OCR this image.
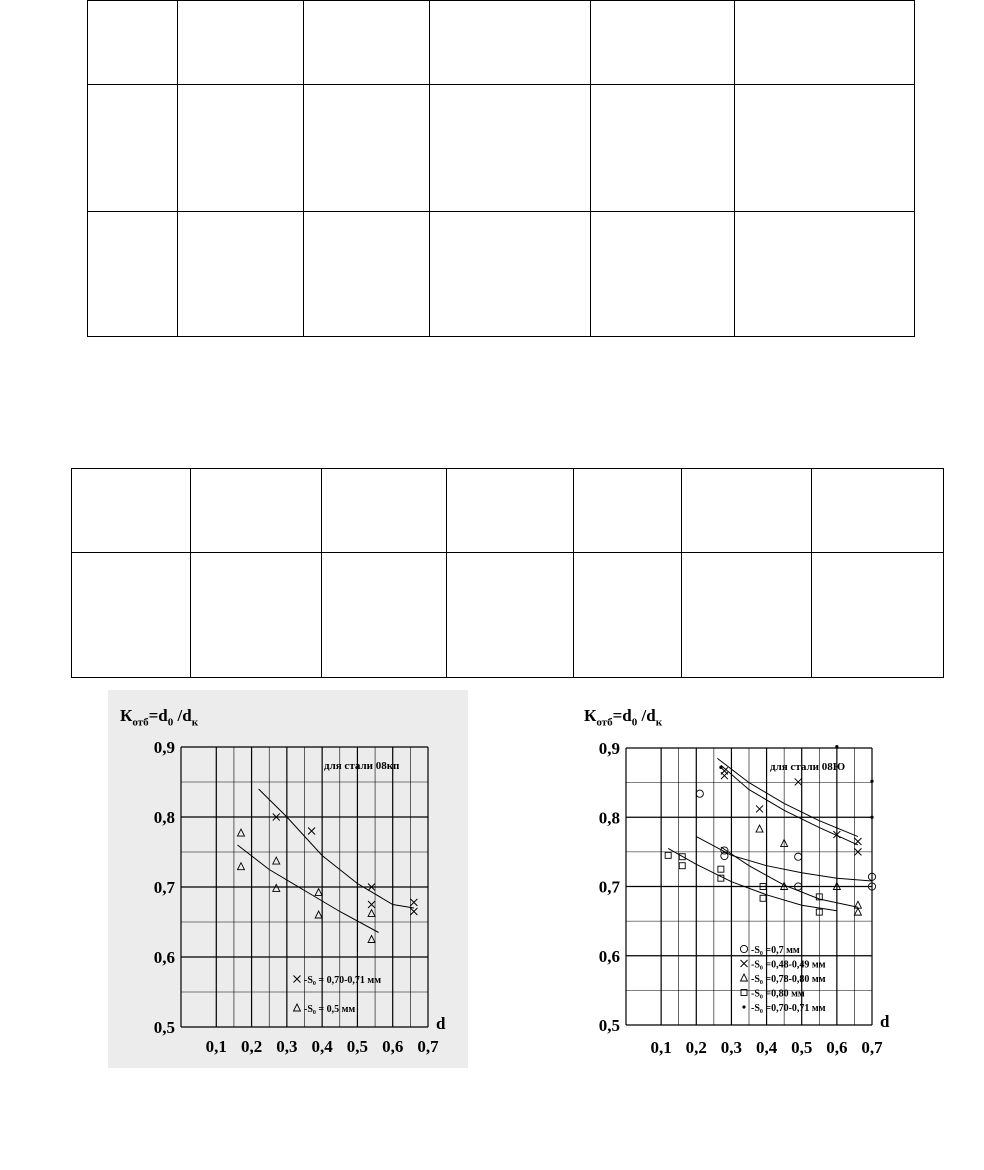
$К_{отб}=d_0$ $/d_к$
0,5
0,6
0,7
0,8
0,9
0,1 0,2 0,3 0,4 0,5 0,6 0,7
d
для стали 08кп
-S₀ = 0,70-0,71 мм
-S₀ = 0,5 мм
$К_{отб}=d_0$ $/d_к$
0,5
0,6
0,7
0,8
0,9
0,1 0,2 0,3 0,4 0,5 0,6 0,7
d
для стали 08Ю
-S₀ =0,7 мм
-S₀ =0,48-0,49 мм
-S₀ =0,78-0,80 мм
-S₀ =0,80 мм
-S₀ =0,70-0,71 мм
